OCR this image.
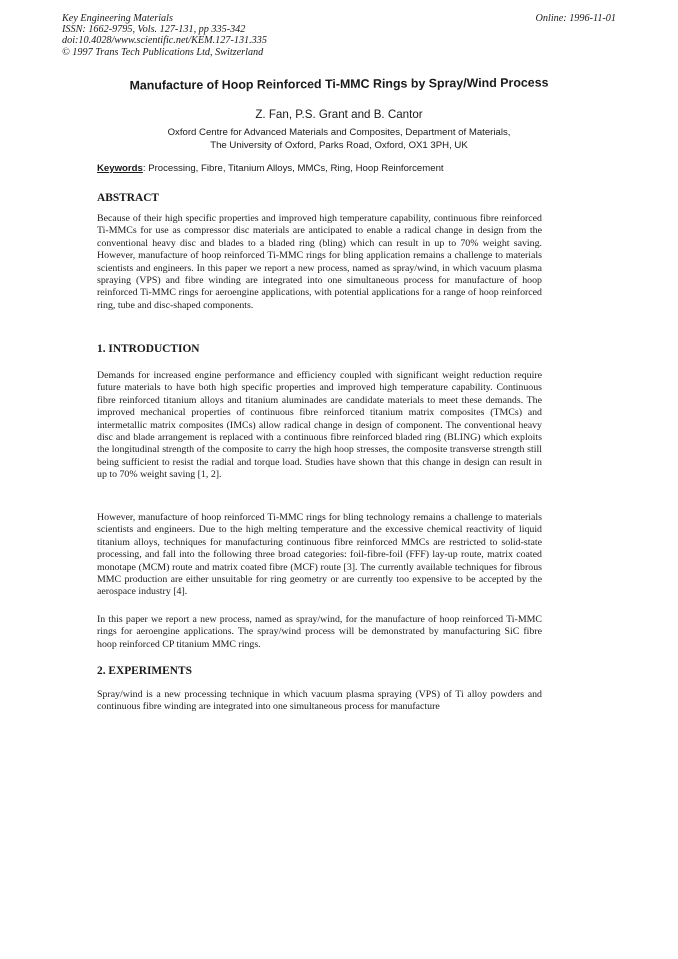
Key Engineering Materials
ISSN: 1662-9795, Vols. 127-131, pp 335-342
doi:10.4028/www.scientific.net/KEM.127-131.335
© 1997 Trans Tech Publications Ltd, Switzerland
Online: 1996-11-01
Manufacture of Hoop Reinforced Ti-MMC Rings by Spray/Wind Process
Z. Fan, P.S. Grant and B. Cantor
Oxford Centre for Advanced Materials and Composites, Department of Materials,
The University of Oxford, Parks Road, Oxford, OX1 3PH, UK
Keywords: Processing, Fibre, Titanium Alloys, MMCs, Ring, Hoop Reinforcement
ABSTRACT
Because of their high specific properties and improved high temperature capability, continuous fibre reinforced Ti-MMCs for use as compressor disc materials are anticipated to enable a radical change in design from the conventional heavy disc and blades to a bladed ring (bling) which can result in up to 70% weight saving. However, manufacture of hoop reinforced Ti-MMC rings for bling application remains a challenge to materials scientists and engineers. In this paper we report a new process, named as spray/wind, in which vacuum plasma spraying (VPS) and fibre winding are integrated into one simultaneous process for manufacture of hoop reinforced Ti-MMC rings for aeroengine applications, with potential applications for a range of hoop reinforced ring, tube and disc-shaped components.
1. INTRODUCTION
Demands for increased engine performance and efficiency coupled with significant weight reduction require future materials to have both high specific properties and improved high temperature capability. Continuous fibre reinforced titanium alloys and titanium aluminades are candidate materials to meet these demands. The improved mechanical properties of continuous fibre reinforced titanium matrix composites (TMCs) and intermetallic matrix composites (IMCs) allow radical change in design of component. The conventional heavy disc and blade arrangement is replaced with a continuous fibre reinforced bladed ring (BLING) which exploits the longitudinal strength of the composite to carry the high hoop stresses, the composite transverse strength still being sufficient to resist the radial and torque load. Studies have shown that this change in design can result in up to 70% weight saving [1, 2].
However, manufacture of hoop reinforced Ti-MMC rings for bling technology remains a challenge to materials scientists and engineers. Due to the high melting temperature and the excessive chemical reactivity of liquid titanium alloys, techniques for manufacturing continuous fibre reinforced MMCs are restricted to solid-state processing, and fall into the following three broad categories: foil-fibre-foil (FFF) lay-up route, matrix coated monotape (MCM) route and matrix coated fibre (MCF) route [3]. The currently available techniques for fibrous MMC production are either unsuitable for ring geometry or are currently too expensive to be accepted by the aerospace industry [4].
In this paper we report a new process, named as spray/wind, for the manufacture of hoop reinforced Ti-MMC rings for aeroengine applications. The spray/wind process will be demonstrated by manufacturing SiC fibre hoop reinforced CP titanium MMC rings.
2. EXPERIMENTS
Spray/wind is a new processing technique in which vacuum plasma spraying (VPS) of Ti alloy powders and continuous fibre winding are integrated into one simultaneous process for manufacture
